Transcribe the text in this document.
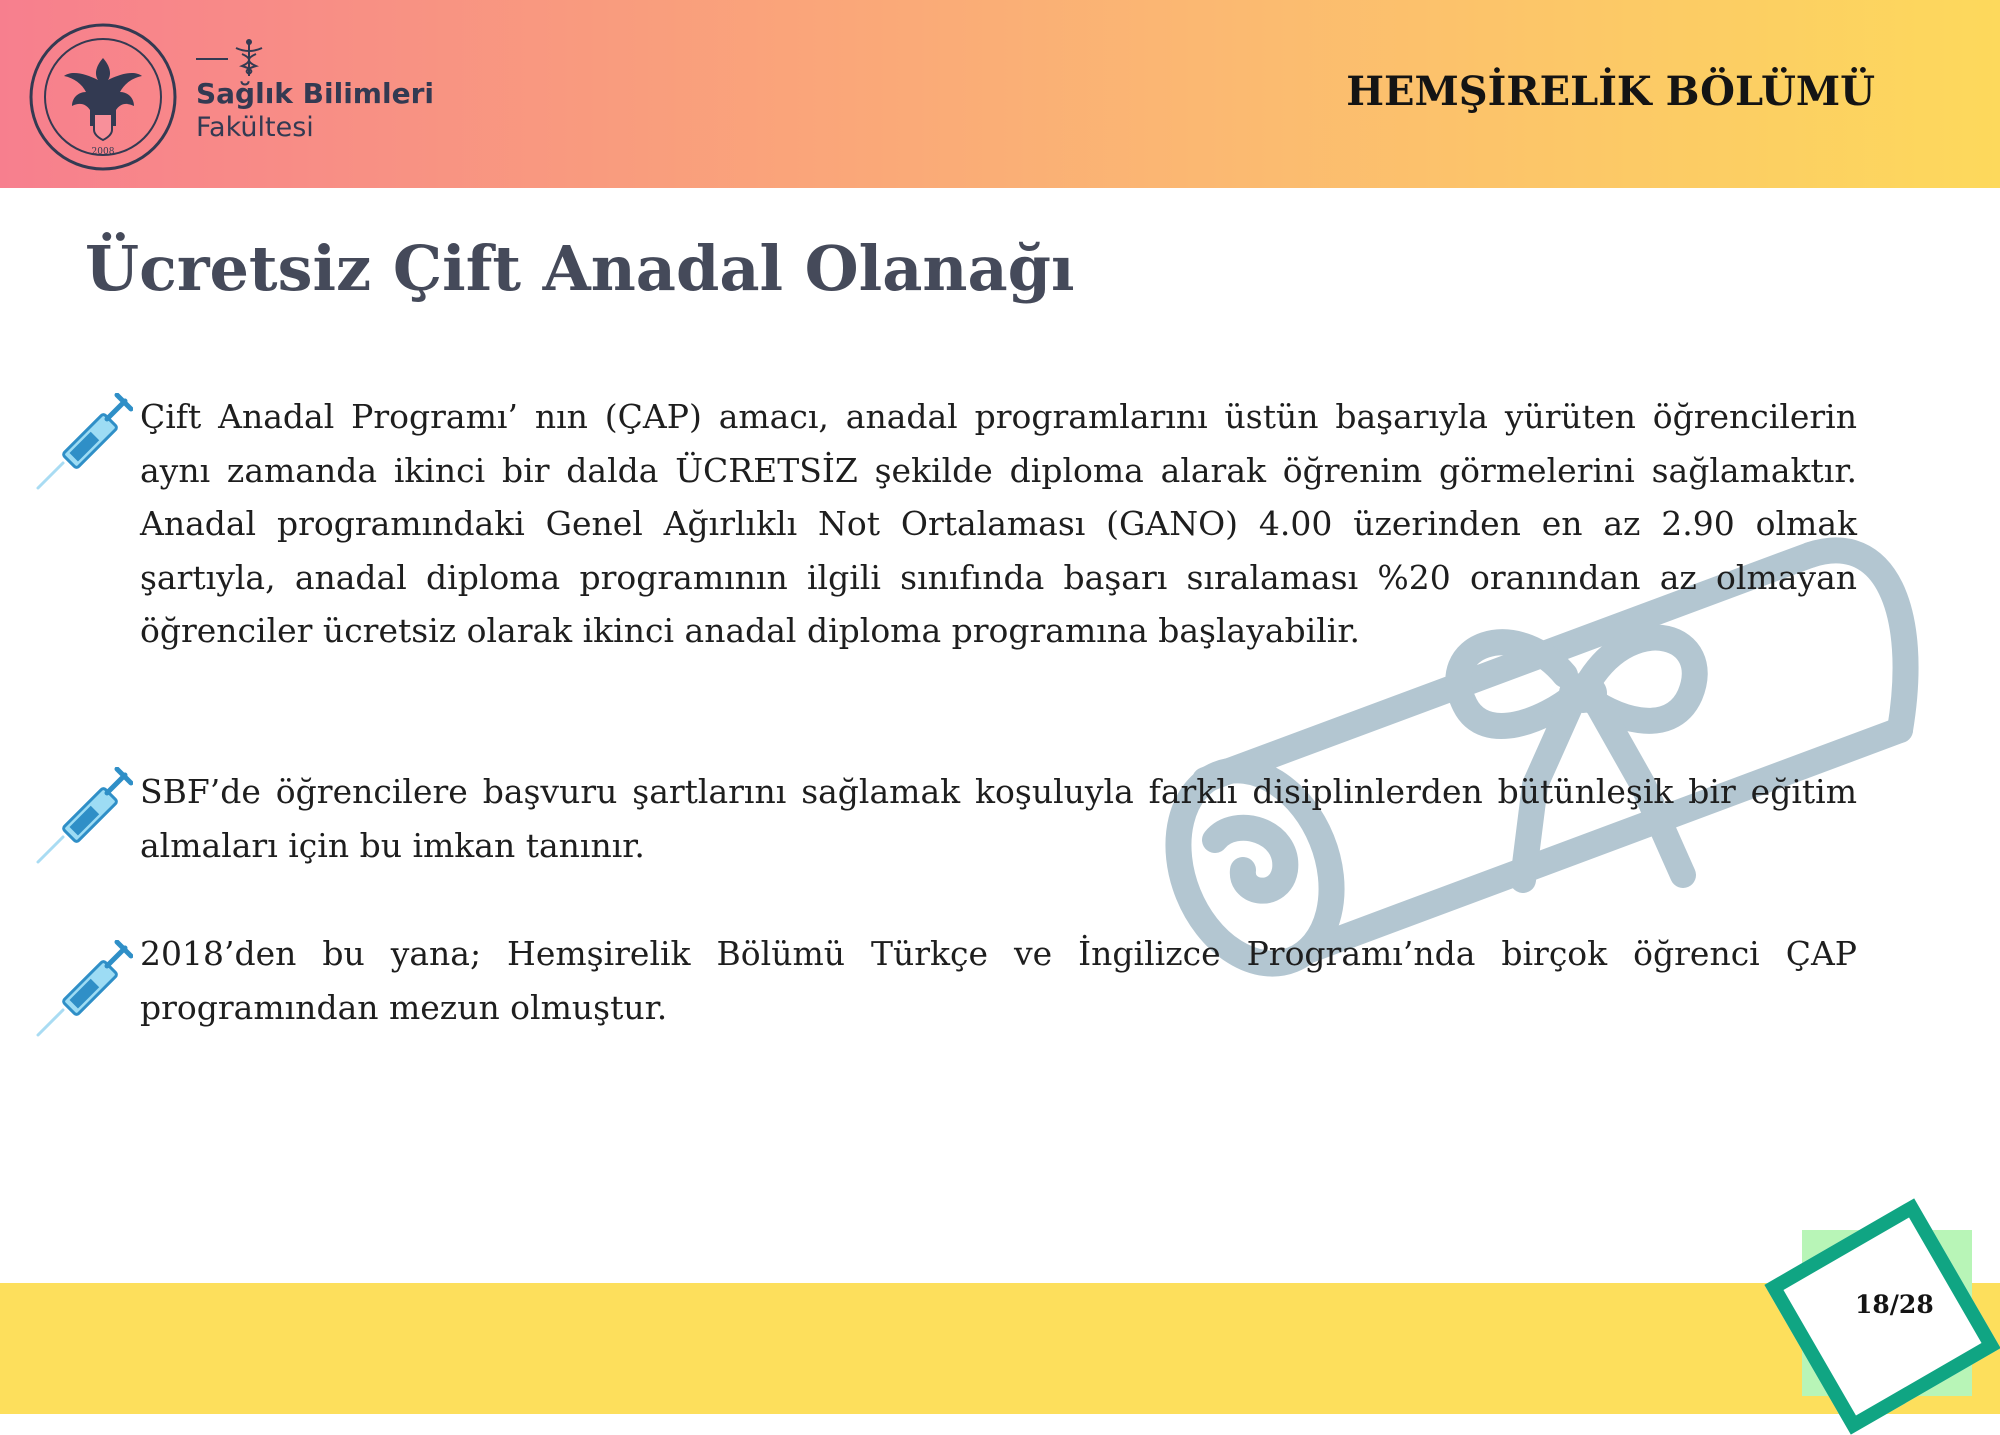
2008
Sağlık Bilimleri
Fakültesi
HEMŞİRELİK BÖLÜMÜ
Ücretsiz Çift Anadal Olanağı

Çift Anadal Programı’ nın (ÇAP) amacı, anadal programlarını üstün başarıyla yürüten öğrencilerin aynı zamanda ikinci bir dalda ÜCRETSİZ şekilde diploma alarak öğrenim görmelerini sağlamaktır. Anadal programındaki Genel Ağırlıklı Not Ortalaması (GANO) 4.00 üzerinden en az 2.90 olmak şartıyla, anadal diploma programının ilgili sınıfında başarı sıralaması %20 oranından az olmayan öğrenciler ücretsiz olarak ikinci anadal diploma programına başlayabilir.

SBF’de öğrencilere başvuru şartlarını sağlamak koşuluyla farklı disiplinlerden bütünleşik bir eğitim almaları için bu imkan tanınır.

2018’den bu yana; Hemşirelik Bölümü Türkçe ve İngilizce Programı’nda birçok öğrenci ÇAP programından mezun olmuştur.

18/28
